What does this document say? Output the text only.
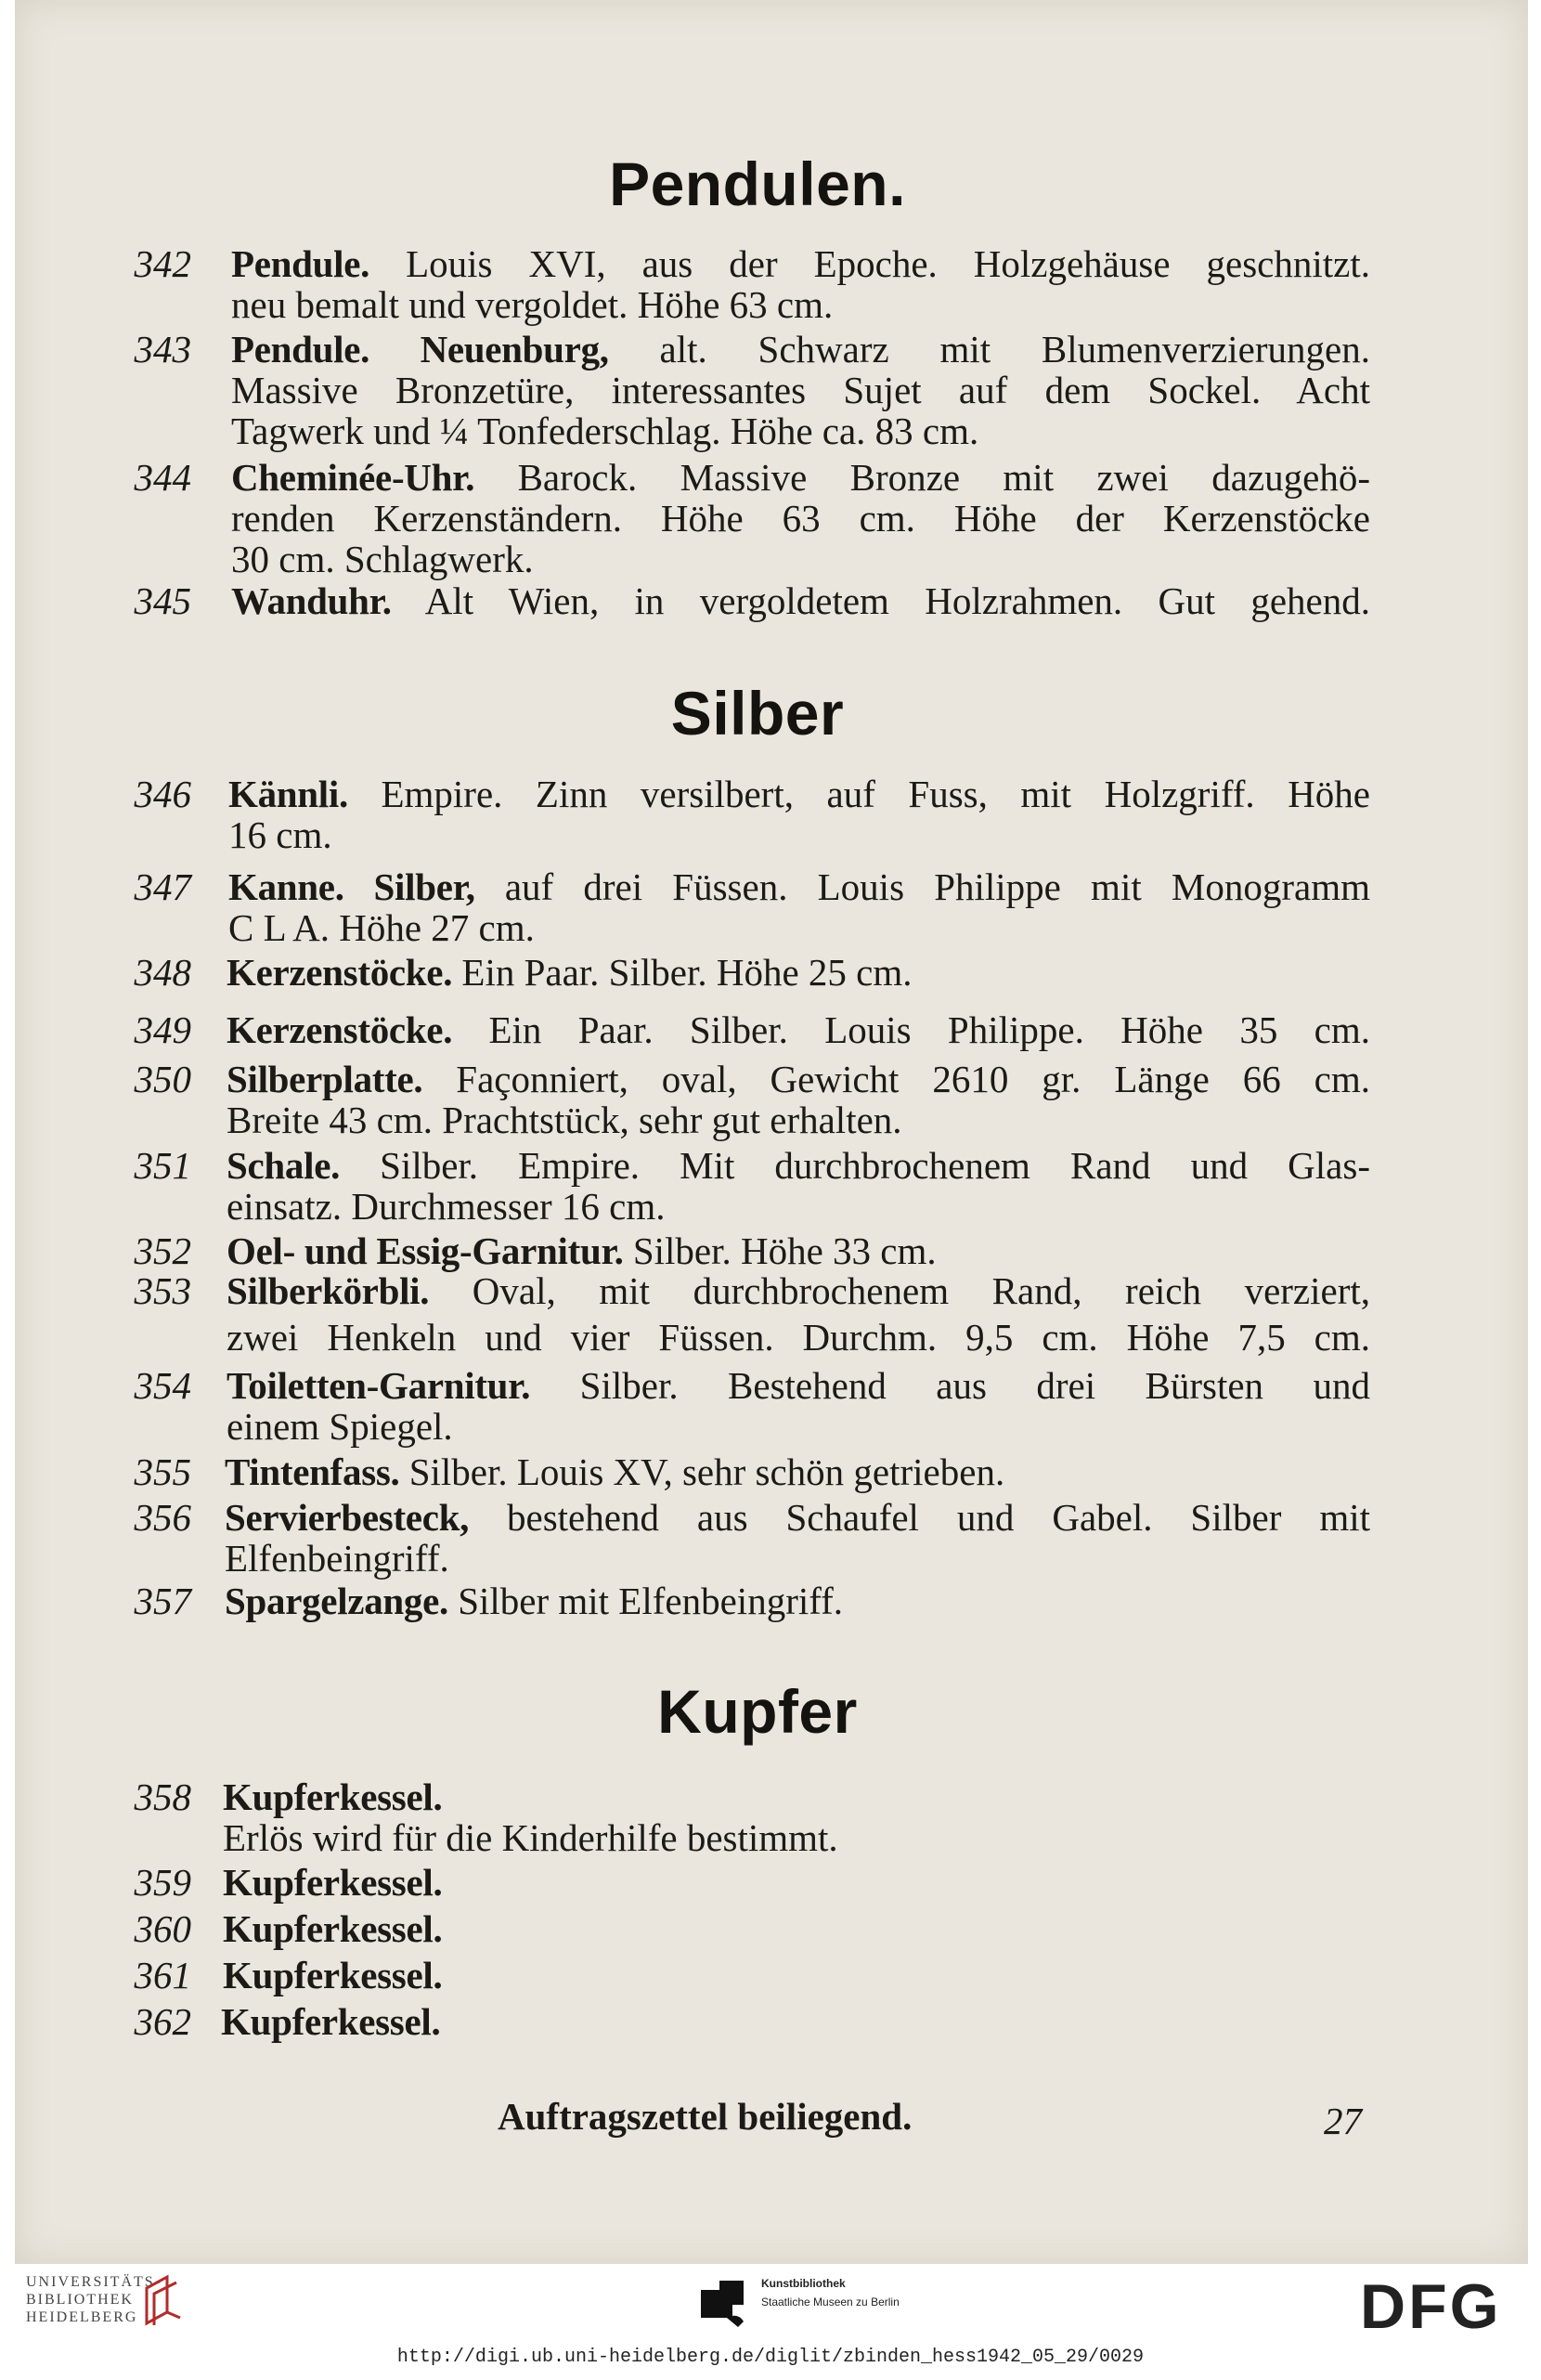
Pendulen.
342 Pendule. Louis XVI, aus der Epoche. Holzgehäuse geschnitzt.
neu bemalt und vergoldet. Höhe 63 cm.
343 Pendule. Neuenburg, alt. Schwarz mit Blumenverzierungen.
Massive Bronzetüre, interessantes Sujet auf dem Sockel. Acht
Tagwerk und ¼ Tonfederschlag. Höhe ca. 83 cm.
344 Cheminée-Uhr. Barock. Massive Bronze mit zwei dazugehö-
renden Kerzenständern. Höhe 63 cm. Höhe der Kerzenstöcke
30 cm. Schlagwerk.
345 Wanduhr. Alt Wien, in vergoldetem Holzrahmen. Gut gehend.
Silber
346 Kännli. Empire. Zinn versilbert, auf Fuss, mit Holzgriff. Höhe
16 cm.
347 Kanne. Silber, auf drei Füssen. Louis Philippe mit Monogramm
C L A. Höhe 27 cm.
348 Kerzenstöcke. Ein Paar. Silber. Höhe 25 cm.
349 Kerzenstöcke. Ein Paar. Silber. Louis Philippe. Höhe 35 cm.
350 Silberplatte. Façonniert, oval, Gewicht 2610 gr. Länge 66 cm.
Breite 43 cm. Prachtstück, sehr gut erhalten.
351 Schale. Silber. Empire. Mit durchbrochenem Rand und Glas-
einsatz. Durchmesser 16 cm.
352 Oel- und Essig-Garnitur. Silber. Höhe 33 cm.
353 Silberkörbli. Oval, mit durchbrochenem Rand, reich verziert,
zwei Henkeln und vier Füssen. Durchm. 9,5 cm. Höhe 7,5 cm.
354 Toiletten-Garnitur. Silber. Bestehend aus drei Bürsten und
einem Spiegel.
355 Tintenfass. Silber. Louis XV, sehr schön getrieben.
356 Servierbesteck, bestehend aus Schaufel und Gabel. Silber mit
Elfenbeingriff.
357 Spargelzange. Silber mit Elfenbeingriff.
Kupfer
358 Kupferkessel.
Erlös wird für die Kinderhilfe bestimmt.
359 Kupferkessel.
360 Kupferkessel.
361 Kupferkessel.
362 Kupferkessel.
Auftragszettel beiliegend.	27
UNIVERSITÄTS-
BIBLIOTHEK
HEIDELBERG
Kunstbibliothek
Staatliche Museen zu Berlin	DFG
http://digi.ub.uni-heidelberg.de/diglit/zbinden_hess1942_05_29/0029
